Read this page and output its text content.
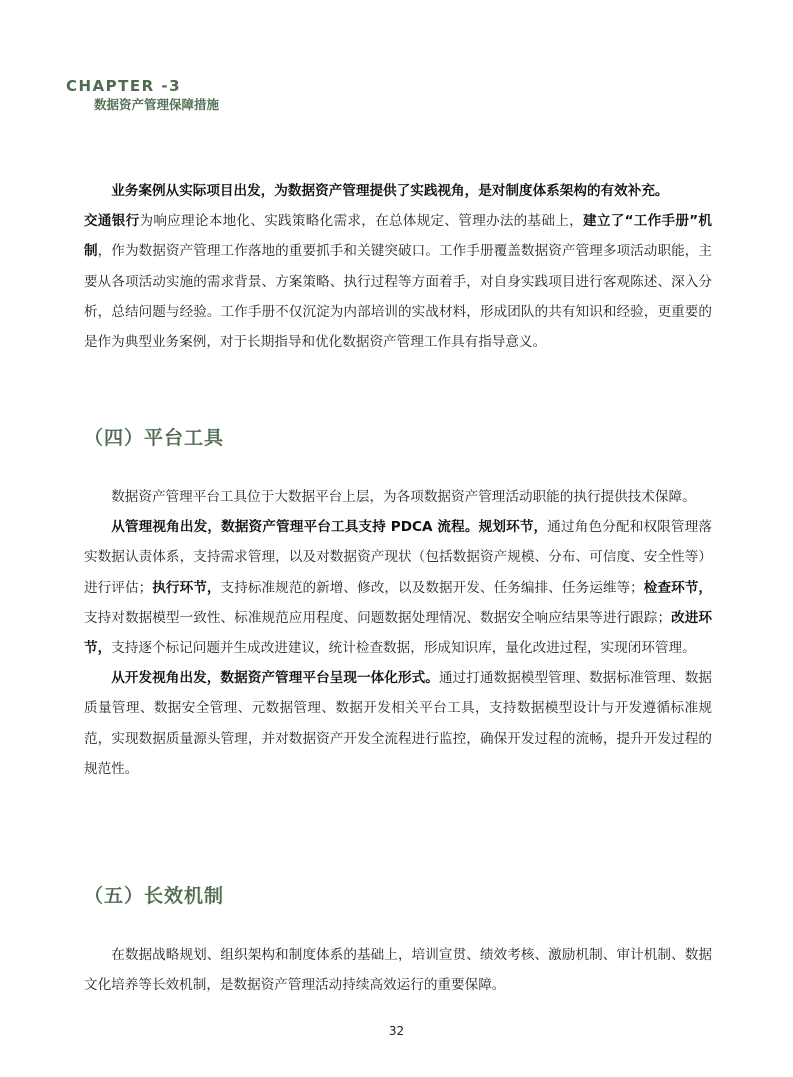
CHAPTER -3
数据资产管理保障措施

业务案例从实际项目出发，为数据资产管理提供了实践视角，是对制度体系架构的有效补充。

交通银行为响应理论本地化、实践策略化需求，在总体规定、管理办法的基础上，建立了“工作手册”机制，作为数据资产管理工作落地的重要抓手和关键突破口。工作手册覆盖数据资产管理多项活动职能，主要从各项活动实施的需求背景、方案策略、执行过程等方面着手，对自身实践项目进行客观陈述、深入分析，总结问题与经验。工作手册不仅沉淀为内部培训的实战材料，形成团队的共有知识和经验，更重要的是作为典型业务案例，对于长期指导和优化数据资产管理工作具有指导意义。

（四）平台工具

数据资产管理平台工具位于大数据平台上层，为各项数据资产管理活动职能的执行提供技术保障。

从管理视角出发，数据资产管理平台工具支持 PDCA 流程。规划环节，通过角色分配和权限管理落实数据认责体系，支持需求管理，以及对数据资产现状（包括数据资产规模、分布、可信度、安全性等）进行评估；执行环节，支持标准规范的新增、修改，以及数据开发、任务编排、任务运维等；检查环节，支持对数据模型一致性、标准规范应用程度、问题数据处理情况、数据安全响应结果等进行跟踪；改进环节，支持逐个标记问题并生成改进建议，统计检查数据，形成知识库，量化改进过程，实现闭环管理。

从开发视角出发，数据资产管理平台呈现一体化形式。通过打通数据模型管理、数据标准管理、数据质量管理、数据安全管理、元数据管理、数据开发相关平台工具，支持数据模型设计与开发遵循标准规范，实现数据质量源头管理，并对数据资产开发全流程进行监控，确保开发过程的流畅，提升开发过程的规范性。

（五）长效机制

在数据战略规划、组织架构和制度体系的基础上，培训宣贯、绩效考核、激励机制、审计机制、数据文化培养等长效机制，是数据资产管理活动持续高效运行的重要保障。

32
